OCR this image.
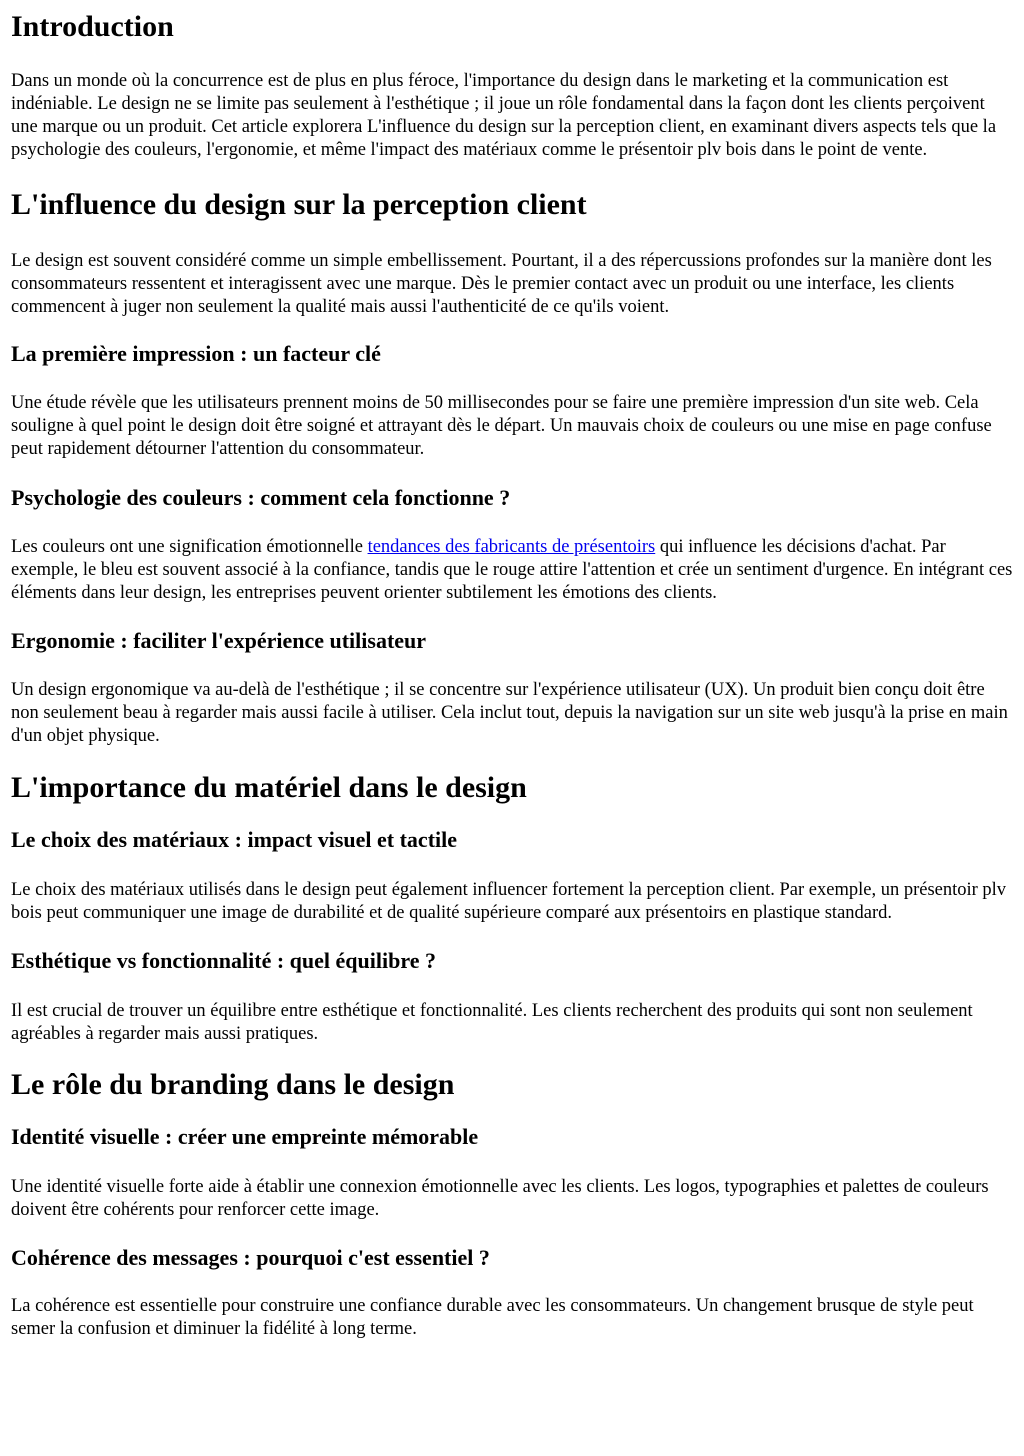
Introduction

Dans un monde où la concurrence est de plus en plus féroce, l'importance du design dans le marketing et la communication est indéniable. Le design ne se limite pas seulement à l'esthétique ; il joue un rôle fondamental dans la façon dont les clients perçoivent une marque ou un produit. Cet article explorera L'influence du design sur la perception client, en examinant divers aspects tels que la psychologie des couleurs, l'ergonomie, et même l'impact des matériaux comme le présentoir plv bois dans le point de vente.

L'influence du design sur la perception client

Le design est souvent considéré comme un simple embellissement. Pourtant, il a des répercussions profondes sur la manière dont les consommateurs ressentent et interagissent avec une marque. Dès le premier contact avec un produit ou une interface, les clients commencent à juger non seulement la qualité mais aussi l'authenticité de ce qu'ils voient.

La première impression : un facteur clé

Une étude révèle que les utilisateurs prennent moins de 50 millisecondes pour se faire une première impression d'un site web. Cela souligne à quel point le design doit être soigné et attrayant dès le départ. Un mauvais choix de couleurs ou une mise en page confuse peut rapidement détourner l'attention du consommateur.

Psychologie des couleurs : comment cela fonctionne ?

Les couleurs ont une signification émotionnelle tendances des fabricants de présentoirs qui influence les décisions d'achat. Par exemple, le bleu est souvent associé à la confiance, tandis que le rouge attire l'attention et crée un sentiment d'urgence. En intégrant ces éléments dans leur design, les entreprises peuvent orienter subtilement les émotions des clients.

Ergonomie : faciliter l'expérience utilisateur

Un design ergonomique va au-delà de l'esthétique ; il se concentre sur l'expérience utilisateur (UX). Un produit bien conçu doit être non seulement beau à regarder mais aussi facile à utiliser. Cela inclut tout, depuis la navigation sur un site web jusqu'à la prise en main d'un objet physique.

L'importance du matériel dans le design
Le choix des matériaux : impact visuel et tactile

Le choix des matériaux utilisés dans le design peut également influencer fortement la perception client. Par exemple, un présentoir plv bois peut communiquer une image de durabilité et de qualité supérieure comparé aux présentoirs en plastique standard.

Esthétique vs fonctionnalité : quel équilibre ?

Il est crucial de trouver un équilibre entre esthétique et fonctionnalité. Les clients recherchent des produits qui sont non seulement agréables à regarder mais aussi pratiques.

Le rôle du branding dans le design
Identité visuelle : créer une empreinte mémorable

Une identité visuelle forte aide à établir une connexion émotionnelle avec les clients. Les logos, typographies et palettes de couleurs doivent être cohérents pour renforcer cette image.

Cohérence des messages : pourquoi c'est essentiel ?

La cohérence est essentielle pour construire une confiance durable avec les consommateurs. Un changement brusque de style peut semer la confusion et diminuer la fidélité à long terme.
